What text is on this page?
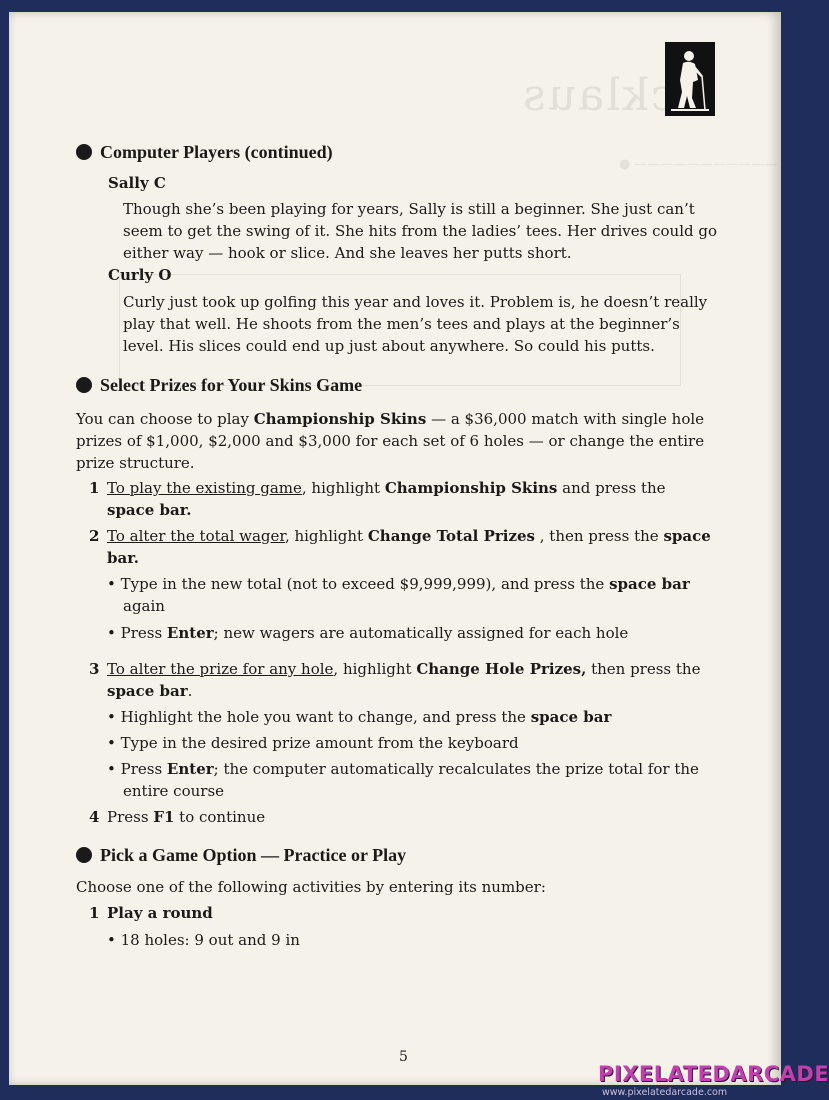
cklaus
● ———————————
Computer Players (continued)
Sally C
Though she’s been playing for years, Sally is still a beginner. She just can’t
seem to get the swing of it. She hits from the ladies’ tees. Her drives could go
either way — hook or slice. And she leaves her putts short.
Curly O
Curly just took up golfing this year and loves it. Problem is, he doesn’t really
play that well. He shoots from the men’s tees and plays at the beginner’s
level. His slices could end up just about anywhere. So could his putts.
Select Prizes for Your Skins Game
You can choose to play Championship Skins — a $36,000 match with single hole
prizes of $1,000, $2,000 and $3,000 for each set of 6 holes — or change the entire
prize structure.
1 To play the existing game, highlight Championship Skins and press the
space bar.
2 To alter the total wager, highlight Change Total Prizes , then press the space
bar.
• Type in the new total (not to exceed $9,999,999), and press the space bar
again
• Press Enter; new wagers are automatically assigned for each hole
3 To alter the prize for any hole, highlight Change Hole Prizes, then press the
space bar.
• Highlight the hole you want to change, and press the space bar
• Type in the desired prize amount from the keyboard
• Press Enter; the computer automatically recalculates the prize total for the
entire course
4 Press F1 to continue
Pick a Game Option — Practice or Play
Choose one of the following activities by entering its number:
1 Play a round
• 18 holes: 9 out and 9 in
5
PIXELATEDARCADE
www.pixelatedarcade.com
